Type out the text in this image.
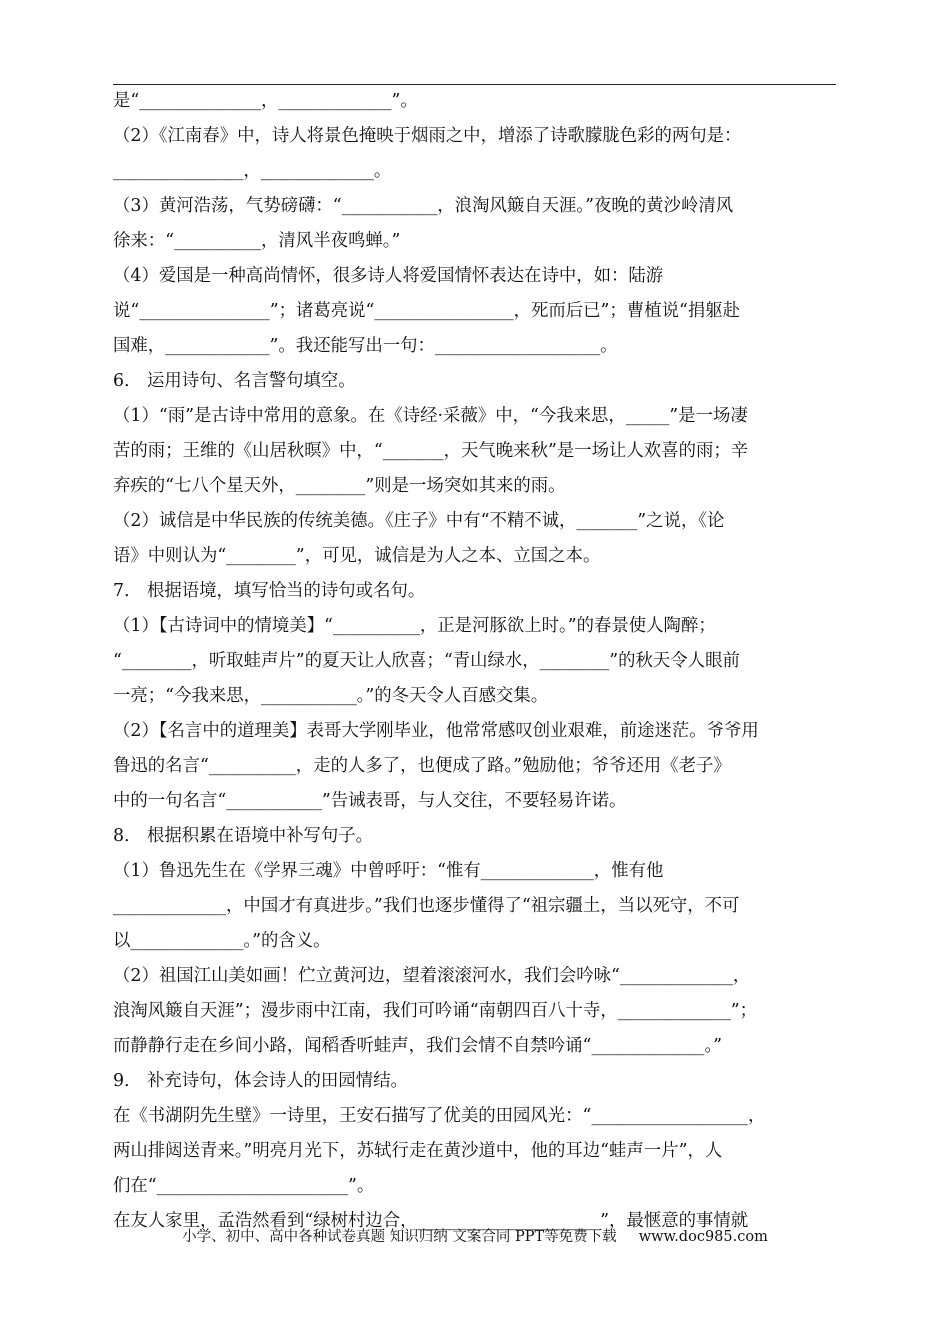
是“______________，_____________”。
（2）《江南春》中，诗人将景色掩映于烟雨之中，增添了诗歌朦胧色彩的两句是：
_______________，_____________。
（3）黄河浩荡，气势磅礴：“___________，浪淘风簸自天涯。”夜晚的黄沙岭清风
徐来：“__________，清风半夜鸣蝉。”
（4）爱国是一种高尚情怀，很多诗人将爱国情怀表达在诗中，如：陆游
说“_______________”；诸葛亮说“________________，死而后已”；曹植说“捐躯赴
国难，____________”。我还能写出一句：___________________。
6． 运用诗句、名言警句填空。
（1）“雨”是古诗中常用的意象。在《诗经·采薇》中，“今我来思，_____”是一场凄
苦的雨；王维的《山居秋暝》中，“_______，天气晚来秋”是一场让人欢喜的雨；辛
弃疾的“七八个星天外，________”则是一场突如其来的雨。
（2）诚信是中华民族的传统美德。《庄子》中有“不精不诚，_______”之说，《论
语》中则认为“________”，可见，诚信是为人之本、立国之本。
7． 根据语境，填写恰当的诗句或名句。
（1）【古诗词中的情境美】“__________，正是河豚欲上时。”的春景使人陶醉；
“________，听取蛙声片”的夏天让人欣喜；“青山绿水，________”的秋天令人眼前
一亮；“今我来思，___________。”的冬天令人百感交集。
（2）【名言中的道理美】表哥大学刚毕业，他常常感叹创业艰难，前途迷茫。爷爷用
鲁迅的名言“__________，走的人多了，也便成了路。”勉励他；爷爷还用《老子》
中的一句名言“___________”告诫表哥，与人交往，不要轻易许诺。
8． 根据积累在语境中补写句子。
（1）鲁迅先生在《学界三魂》中曾呼吁：“惟有_____________，惟有他
_____________，中国才有真进步。”我们也逐步懂得了“祖宗疆土，当以死守，不可
以_____________。”的含义。
（2）祖国江山美如画！伫立黄河边，望着滚滚河水，我们会吟咏“_____________，
浪淘风簸自天涯”；漫步雨中江南，我们可吟诵“南朝四百八十寺，_____________”；
而静静行走在乡间小路，闻稻香听蛙声，我们会情不自禁吟诵“_____________。”
9． 补充诗句，体会诗人的田园情结。
在《书湖阴先生壁》一诗里，王安石描写了优美的田园风光：“__________________，
两山排闼送青来。”明亮月光下，苏轼行走在黄沙道中，他的耳边“蛙声一片”，人
们在“______________________”。
在友人家里，孟浩然看到“绿树村边合，_____________________”，最惬意的事情就
小学、初中、高中各种试卷真题 知识归纳 文案合同 PPT等免费下载 www.doc985.com
